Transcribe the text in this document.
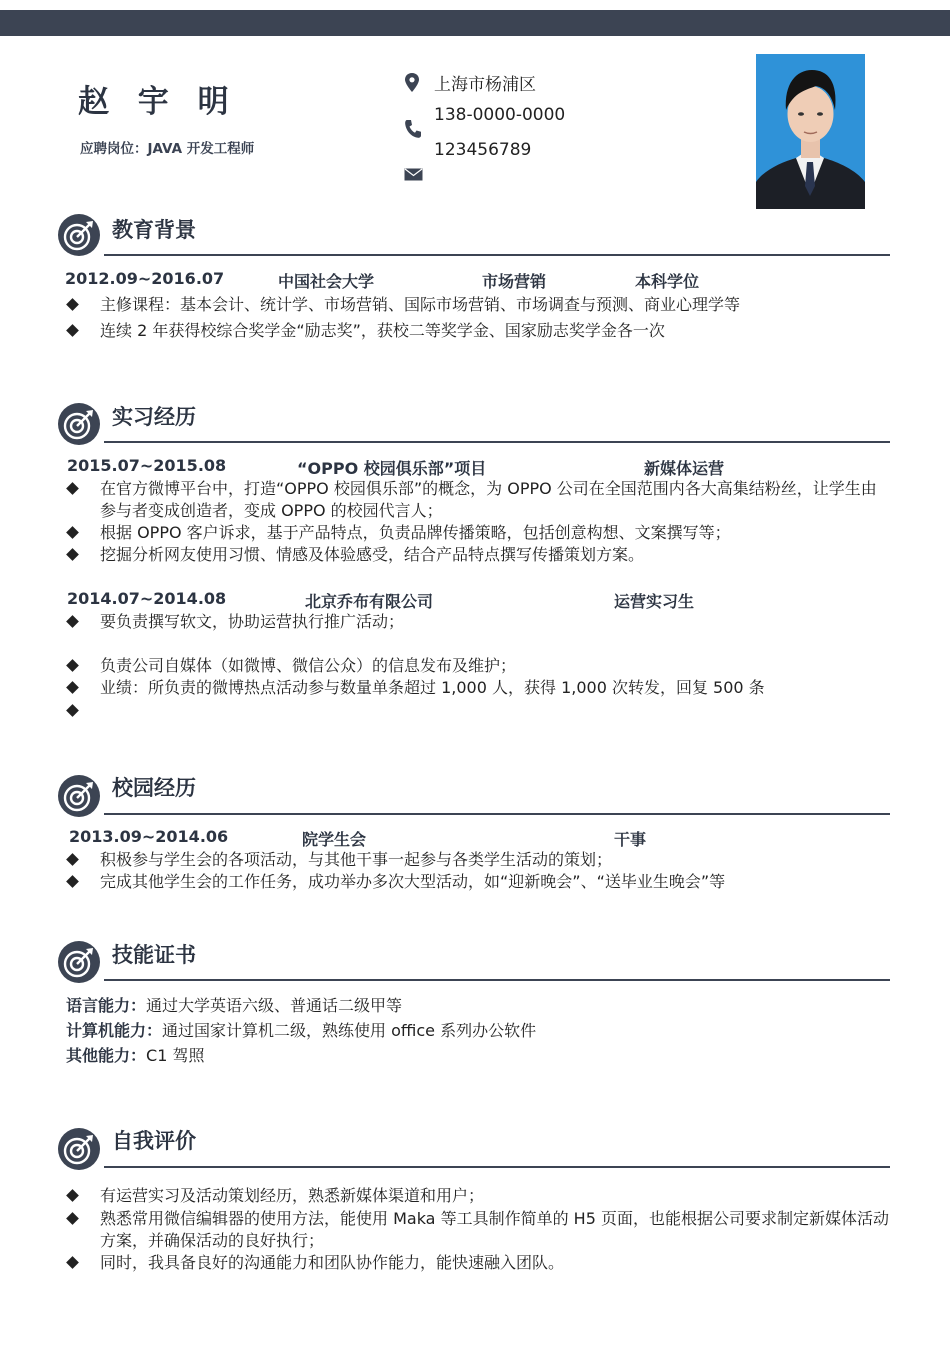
赵 宇 明
应聘岗位：JAVA 开发工程师
上海市杨浦区
138-0000-0000
123456789
教育背景
2012.09~2016.07	中国社会大学	市场营销	本科学位
主修课程：基本会计、统计学、市场营销、国际市场营销、市场调查与预测、商业心理学等
连续 2 年获得校综合奖学金“励志奖”，获校二等奖学金、国家励志奖学金各一次
实习经历
2015.07~2015.08	“OPPO 校园俱乐部”项目	新媒体运营
在官方微博平台中，打造“OPPO 校园俱乐部”的概念，为 OPPO 公司在全国范围内各大高集结粉丝，让学生由参与者变成创造者，变成 OPPO 的校园代言人；
根据 OPPO 客户诉求，基于产品特点，负责品牌传播策略，包括创意构想、文案撰写等；
挖掘分析网友使用习惯、情感及体验感受，结合产品特点撰写传播策划方案。
2014.07~2014.08	北京乔布有限公司	运营实习生
要负责撰写软文，协助运营执行推广活动；
负责公司自媒体（如微博、微信公众）的信息发布及维护；
业绩：所负责的微博热点活动参与数量单条超过 1,000 人，获得 1,000 次转发，回复 500 条
校园经历
2013.09~2014.06	院学生会	干事
积极参与学生会的各项活动，与其他干事一起参与各类学生活动的策划；
完成其他学生会的工作任务，成功举办多次大型活动，如“迎新晚会”、“送毕业生晚会”等
技能证书
语言能力：通过大学英语六级、普通话二级甲等
计算机能力：通过国家计算机二级，熟练使用 office 系列办公软件
其他能力：C1 驾照
自我评价
有运营实习及活动策划经历，熟悉新媒体渠道和用户；
熟悉常用微信编辑器的使用方法，能使用 Maka 等工具制作简单的 H5 页面，也能根据公司要求制定新媒体活动方案，并确保活动的良好执行；
同时，我具备良好的沟通能力和团队协作能力，能快速融入团队。
